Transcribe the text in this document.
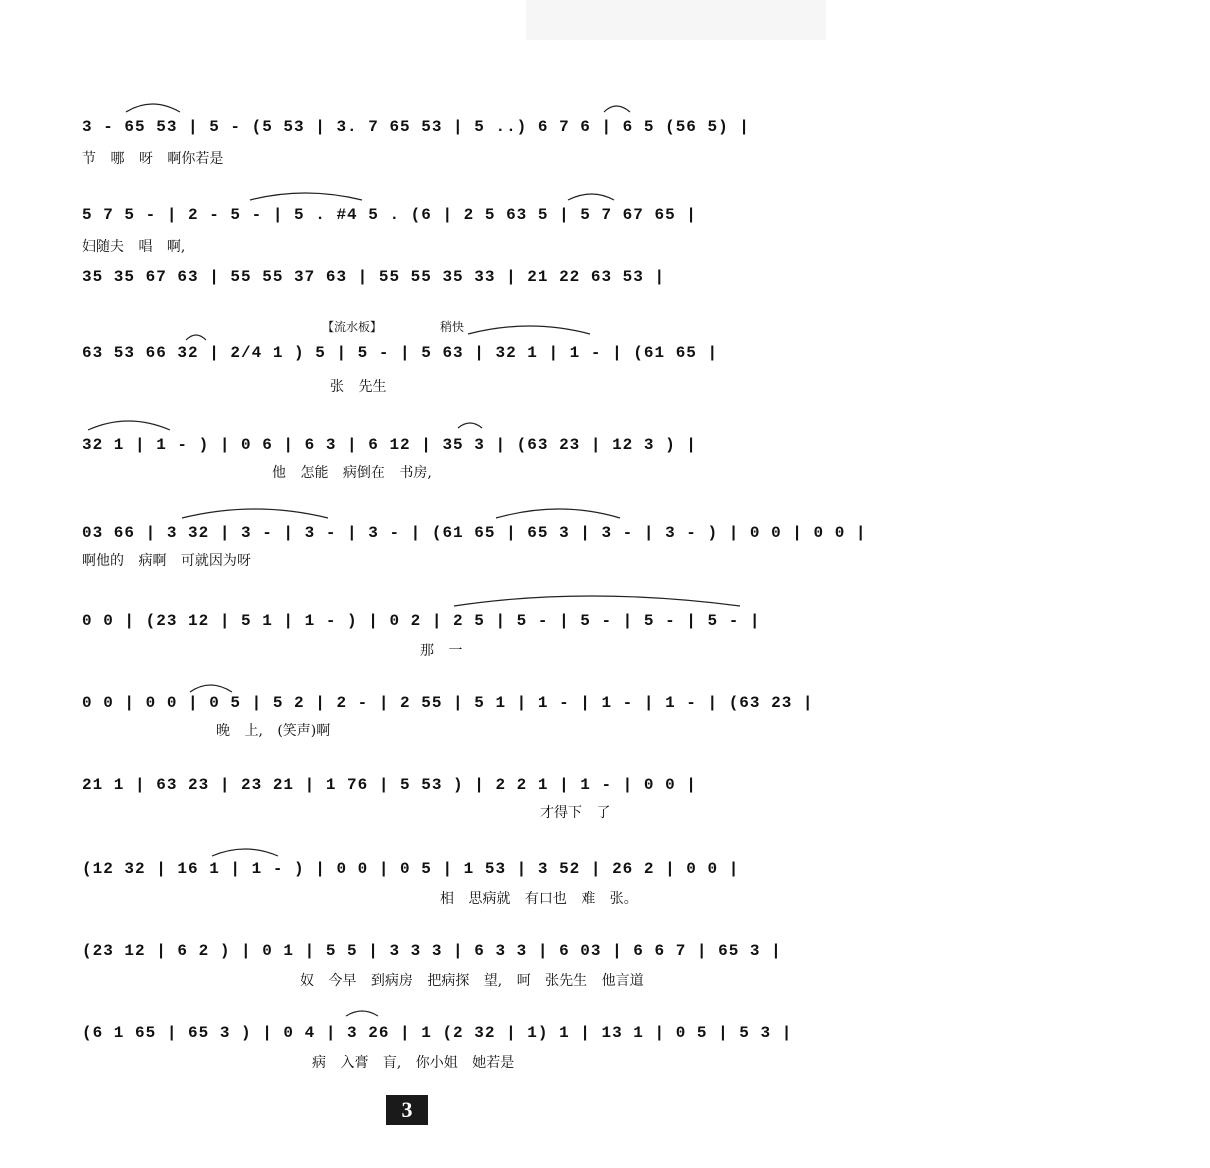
【流水板】	稍快
3 - 65 53 | 5 - (5 53 | 3. 7 65 53 | 5 ..) 6 7 6 | 6 5 (56 5) |
节 哪 呀 啊你若是
5 7 5 - | 2 - 5 - | 5 . #4 5 . (6 | 2 5 63 5 | 5 7 67 65 |
妇随夫 唱 啊,
35 35 67 63 | 55 55 37 63 | 55 55 35 33 | 21 22 63 53 |
63 53 66 32 | 2/4 1 ) 5 | 5 - | 5 63 | 32 1 | 1 - | (61 65 |
张 先生
32 1 | 1 - ) | 0 6 | 6 3 | 6 12 | 35 3 | (63 23 | 12 3 ) |
他 怎能 病倒在 书房,
03 66 | 3 32 | 3 - | 3 - | 3 - | (61 65 | 65 3 | 3 - | 3 - ) | 0 0 | 0 0 |
啊他的 病啊 可就因为呀
0 0 | (23 12 | 5 1 | 1 - ) | 0 2 | 2 5 | 5 - | 5 - | 5 - | 5 - |
那 一
0 0 | 0 0 | 0 5 | 5 2 | 2 - | 2 55 | 5 1 | 1 - | 1 - | 1 - | (63 23 |
晚 上, (笑声)啊
21 1 | 63 23 | 23 21 | 1 76 | 5 53 ) | 2 2 1 | 1 - | 0 0 |
才得下 了
(12 32 | 16 1 | 1 - ) | 0 0 | 0 5 | 1 53 | 3 52 | 26 2 | 0 0 |
相 思病就 有口也 难 张。
(23 12 | 6 2 ) | 0 1 | 5 5 | 3 3 3 | 6 3 3 | 6 03 | 6 6 7 | 65 3 |
奴 今早 到病房 把病探 望, 呵 张先生 他言道
(6 1 65 | 65 3 ) | 0 4 | 3 26 | 1 (2 32 | 1) 1 | 13 1 | 0 5 | 5 3 |
病 入膏 肓, 你小姐 她若是
3
